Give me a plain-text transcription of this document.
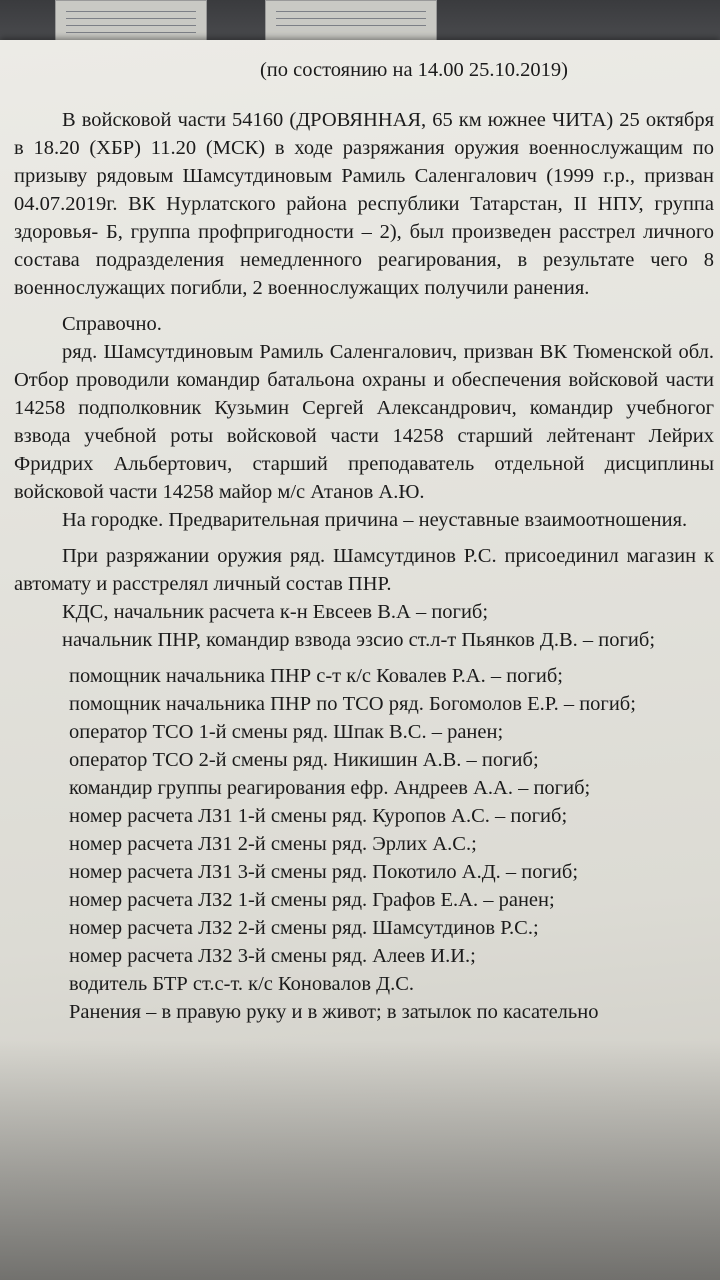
(по состоянию на 14.00 25.10.2019)

В войсковой части 54160 (ДРОВЯННАЯ, 65 км южнее ЧИТА) 25 октября в 18.20 (ХБР) 11.20 (МСК) в ходе разряжания оружия военнослужащим по призыву рядовым Шамсутдиновым Рамиль Саленгалович (1999 г.р., призван 04.07.2019г. ВК Нурлатского района республики Татарстан, II НПУ, группа здоровья- Б, группа профпригодности – 2), был произведен расстрел личного состава подразделения немедленного реагирования, в результате чего 8 военнослужащих погибли, 2 военнослужащих получили ранения.

Справочно.

ряд. Шамсутдиновым Рамиль Саленгалович, призван ВК Тюменской обл. Отбор проводили командир батальона охраны и обеспечения войсковой части 14258 подполковник Кузьмин Сергей Александрович, командир учебногог взвода учебной роты войсковой части 14258 старший лейтенант Лейрих Фридрих Альбертович, старший преподаватель отдельной дисциплины войсковой части 14258 майор м/с Атанов А.Ю.

На городке. Предварительная причина – неуставные взаимоотношения.

При разряжании оружия ряд. Шамсутдинов Р.С. присоединил магазин к автомату и расстрелял личный состав ПНР.

КДС, начальник расчета к-н Евсеев В.А – погиб;

начальник ПНР, командир взвода эзсио ст.л-т Пьянков Д.В. – погиб;

помощник начальника ПНР с-т к/с Ковалев Р.А. – погиб;

помощник начальника ПНР по ТСО ряд. Богомолов Е.Р. – погиб;

оператор ТСО 1-й смены ряд. Шпак В.С. – ранен;

оператор ТСО 2-й смены ряд. Никишин А.В. – погиб;

командир группы реагирования ефр. Андреев А.А. – погиб;

номер расчета ЛЗ1 1-й смены ряд. Куропов А.С. – погиб;

номер расчета ЛЗ1 2-й смены ряд. Эрлих А.С.;

номер расчета ЛЗ1 3-й смены ряд. Покотило А.Д. – погиб;

номер расчета ЛЗ2 1-й смены ряд. Графов Е.А. – ранен;

номер расчета ЛЗ2 2-й смены ряд. Шамсутдинов Р.С.;

номер расчета ЛЗ2 3-й смены ряд. Алеев И.И.;

водитель БТР ст.с-т. к/с Коновалов Д.С.

Ранения – в правую руку и в живот; в затылок по касательно
